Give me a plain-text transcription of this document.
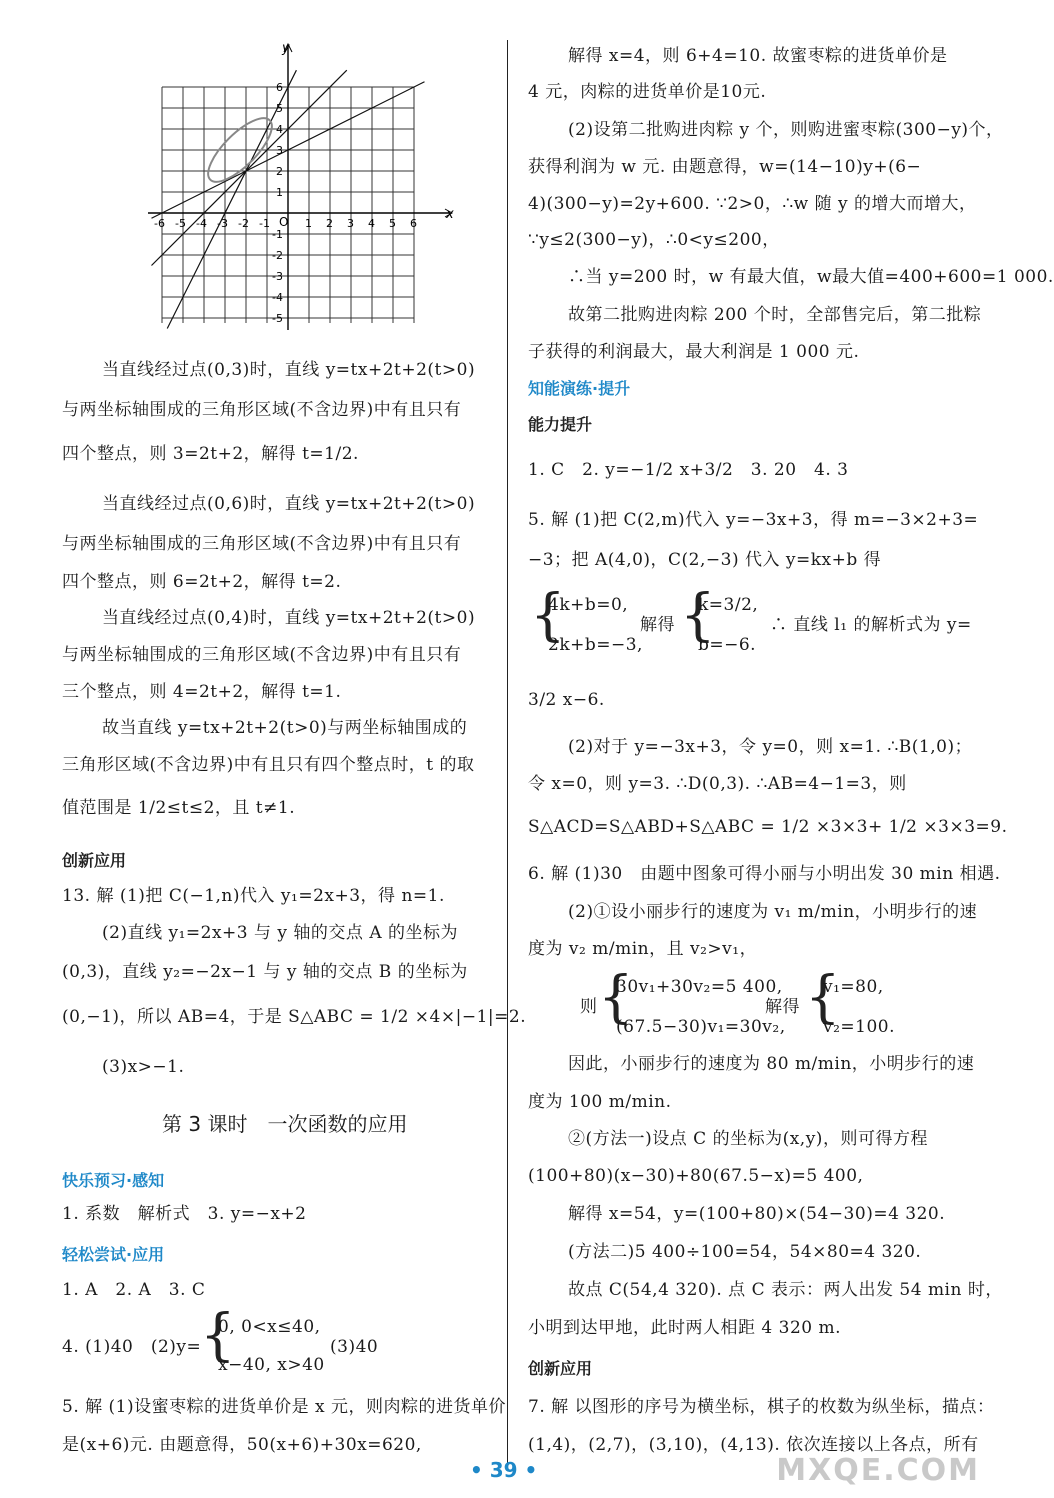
x
y
O
-6 -5 -4 -3 -2 -1	1 2 3 4 5 6
6
5
4
3
2
1
-1
-2
-3
-4
-5
当直线经过点(0,3)时，直线 y=tx+2t+2(t>0)
与两坐标轴围成的三角形区域(不含边界)中有且只有
四个整点，则 3=2t+2，解得 t=1/2.
当直线经过点(0,6)时，直线 y=tx+2t+2(t>0)
与两坐标轴围成的三角形区域(不含边界)中有且只有
四个整点，则 6=2t+2，解得 t=2.
当直线经过点(0,4)时，直线 y=tx+2t+2(t>0)
与两坐标轴围成的三角形区域(不含边界)中有且只有
三个整点，则 4=2t+2，解得 t=1.
故当直线 y=tx+2t+2(t>0)与两坐标轴围成的
三角形区域(不含边界)中有且只有四个整点时，t 的取
值范围是 1/2≤t≤2，且 t≠1.
创新应用
13. 解 (1)把 C(−1,n)代入 y₁=2x+3，得 n=1.
(2)直线 y₁=2x+3 与 y 轴的交点 A 的坐标为
(0,3)，直线 y₂=−2x−1 与 y 轴的交点 B 的坐标为
(0,−1)，所以 AB=4，于是 S△ABC = 1/2 ×4×|−1|=2.
(3)x>−1.
第 3 课时　一次函数的应用
快乐预习·感知
1. 系数　解析式　3. y=−x+2
轻松尝试·应用
1. A　2. A　3. C
4. (1)40　(2)y=
{
0, 0<x≤40,
x−40, x>40
(3)40
5. 解 (1)设蜜枣粽的进货单价是 x 元，则肉粽的进货单价
是(x+6)元. 由题意得，50(x+6)+30x=620,
解得 x=4，则 6+4=10. 故蜜枣粽的进货单价是
4 元，肉粽的进货单价是10元.
(2)设第二批购进肉粽 y 个，则购进蜜枣粽(300−y)个，
获得利润为 w 元. 由题意得，w=(14−10)y+(6−
4)(300−y)=2y+600. ∵2>0，∴w 随 y 的增大而增大，
∵y≤2(300−y)，∴0<y≤200，
∴当 y=200 时，w 有最大值，w最大值=400+600=1 000.
故第二批购进肉粽 200 个时，全部售完后，第二批粽
子获得的利润最大，最大利润是 1 000 元.
知能演练·提升
能力提升
1. C　2. y=−1/2 x+3/2　3. 20　4. 3
5. 解 (1)把 C(2,m)代入 y=−3x+3，得 m=−3×2+3=
−3；把 A(4,0)，C(2,−3) 代入 y=kx+b 得
{
4k+b=0,
2k+b=−3,
解得 {
k=3/2,
b=−6.
∴ 直线 l₁ 的解析式为 y=
3/2 x−6.
(2)对于 y=−3x+3，令 y=0，则 x=1. ∴B(1,0)；
令 x=0，则 y=3. ∴D(0,3). ∴AB=4−1=3，则
S△ACD=S△ABD+S△ABC = 1/2 ×3×3+ 1/2 ×3×3=9.
6. 解 (1)30　由题中图象可得小丽与小明出发 30 min 相遇.
(2)①设小丽步行的速度为 v₁ m/min，小明步行的速
度为 v₂ m/min，且 v₂>v₁，
则 {
30v₁+30v₂=5 400,
(67.5−30)v₁=30v₂,
解得 {
v₁=80,
v₂=100.
因此，小丽步行的速度为 80 m/min，小明步行的速
度为 100 m/min.
②(方法一)设点 C 的坐标为(x,y)，则可得方程
(100+80)(x−30)+80(67.5−x)=5 400,
解得 x=54，y=(100+80)×(54−30)=4 320.
(方法二)5 400÷100=54，54×80=4 320.
故点 C(54,4 320). 点 C 表示：两人出发 54 min 时，
小明到达甲地，此时两人相距 4 320 m.
创新应用
7. 解 以图形的序号为横坐标，棋子的枚数为纵坐标，描点：
(1,4)，(2,7)，(3,10)，(4,13). 依次连接以上各点，所有
• 39 •	MXQE.COM
